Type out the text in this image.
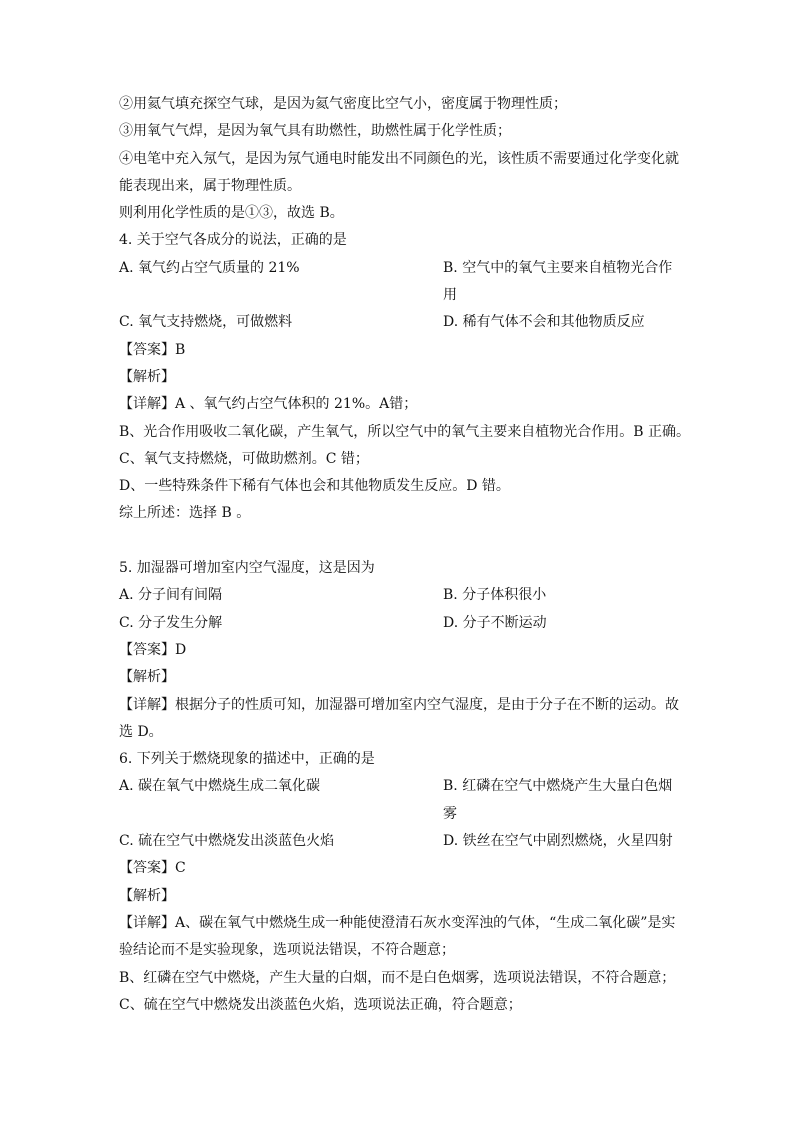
②用氦气填充探空气球，是因为氦气密度比空气小，密度属于物理性质；
③用氧气气焊，是因为氧气具有助燃性，助燃性属于化学性质；
④电笔中充入氖气，是因为氖气通电时能发出不同颜色的光，该性质不需要通过化学变化就能表现出来，属于物理性质。
则利用化学性质的是①③，故选 B。
4. 关于空气各成分的说法，正确的是
A. 氧气约占空气质量的 21%	B. 空气中的氧气主要来自植物光合作用
C. 氧气支持燃烧，可做燃料	D. 稀有气体不会和其他物质反应
【答案】B
【解析】
【详解】A 、氧气约占空气体积的 21%。A错；
B、光合作用吸收二氧化碳，产生氧气，所以空气中的氧气主要来自植物光合作用。B 正确。
C、氧气支持燃烧，可做助燃剂。C 错；
D、一些特殊条件下稀有气体也会和其他物质发生反应。D 错。
综上所述：选择 B 。
5. 加湿器可增加室内空气湿度，这是因为
A. 分子间有间隔	B. 分子体积很小
C. 分子发生分解	D. 分子不断运动
【答案】D
【解析】
【详解】根据分子的性质可知，加湿器可增加室内空气湿度，是由于分子在不断的运动。故选 D。
6. 下列关于燃烧现象的描述中，正确的是
A. 碳在氧气中燃烧生成二氧化碳	B. 红磷在空气中燃烧产生大量白色烟雾
C. 硫在空气中燃烧发出淡蓝色火焰	D. 铁丝在空气中剧烈燃烧，火星四射
【答案】C
【解析】
【详解】A、碳在氧气中燃烧生成一种能使澄清石灰水变浑浊的气体，“生成二氧化碳”是实验结论而不是实验现象，选项说法错误，不符合题意；
B、红磷在空气中燃烧，产生大量的白烟，而不是白色烟雾，选项说法错误，不符合题意；
C、硫在空气中燃烧发出淡蓝色火焰，选项说法正确，符合题意；
